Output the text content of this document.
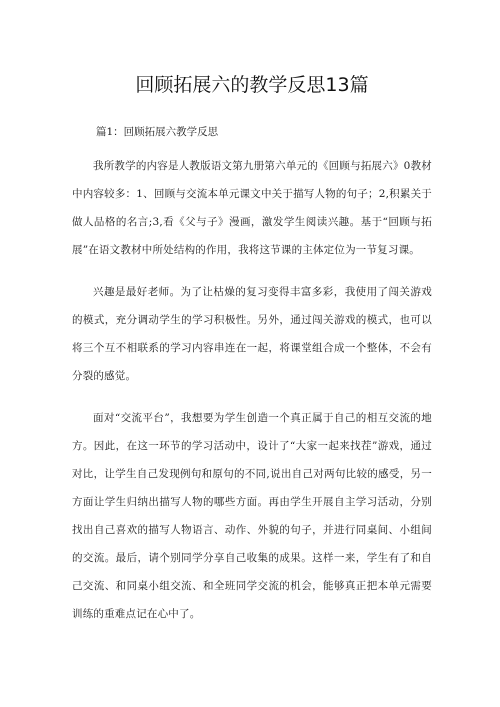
回顾拓展六的教学反思13篇

篇1：回顾拓展六教学反思

我所教学的内容是人教版语文第九册第六单元的《回顾与拓展六》0教材中内容较多：1、回顾与交流本单元课文中关于描写人物的句子；2,积累关于做人品格的名言;3,看《父与子》漫画，激发学生阅读兴趣。基于“回顾与拓展”在语文教材中所处结构的作用，我将这节课的主体定位为一节复习课。

兴趣是最好老师。为了让枯燥的复习变得丰富多彩，我使用了闯关游戏的模式，充分调动学生的学习积极性。另外，通过闯关游戏的模式，也可以将三个互不相联系的学习内容串连在一起，将课堂组合成一个整体，不会有分裂的感觉。

面对“交流平台”，我想要为学生创造一个真正属于自己的相互交流的地方。因此，在这一环节的学习活动中，设计了“大家一起来找茬”游戏，通过对比，让学生自己发现例句和原句的不同,说出自己对两句比较的感受，另一方面让学生归纳出描写人物的哪些方面。再由学生开展自主学习活动，分别找出自己喜欢的描写人物语言、动作、外貌的句子，并进行同桌间、小组间的交流。最后，请个别同学分享自己收集的成果。这样一来，学生有了和自己交流、和同桌小组交流、和全班同学交流的机会，能够真正把本单元需要训练的重难点记在心中了。
